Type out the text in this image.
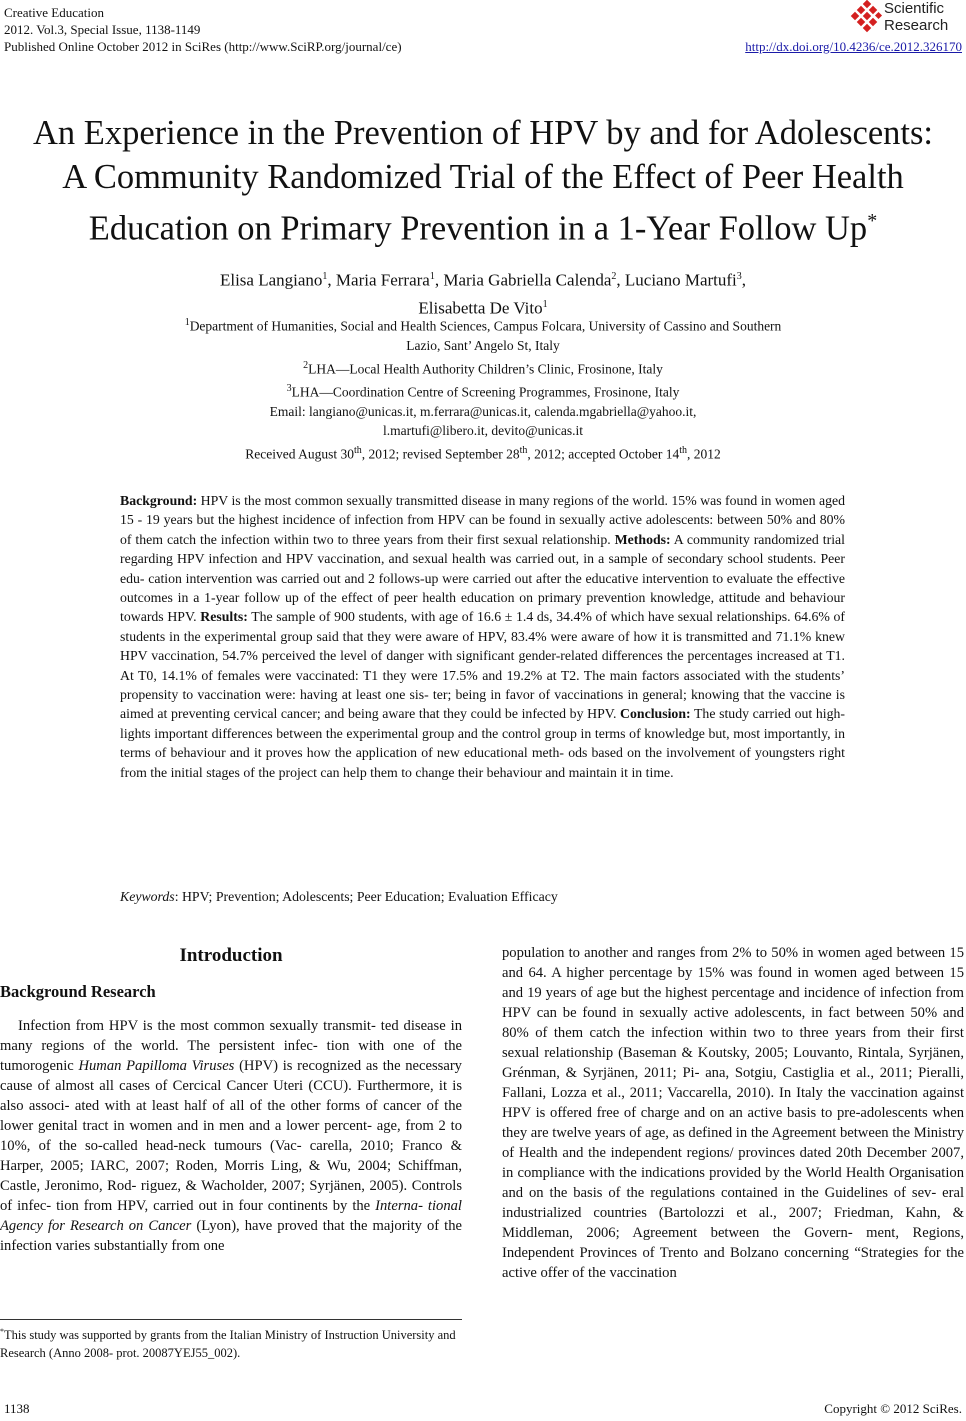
Creative Education
2012. Vol.3, Special Issue, 1138-1149
Published Online October 2012 in SciRes (http://www.SciRP.org/journal/ce)	http://dx.doi.org/10.4236/ce.2012.326170
Scientific
Research
An Experience in the Prevention of HPV by and for Adolescents:
A Community Randomized Trial of the Effect of Peer Health
Education on Primary Prevention in a 1-Year Follow Up*
Elisa Langiano$^1$, Maria Ferrara$^1$, Maria Gabriella Calenda$^2$, Luciano Martufi$^3$,
Elisabetta De Vito$^1$
$^1$Department of Humanities, Social and Health Sciences, Campus Folcara, University of Cassino and Southern
Lazio, Sant’ Angelo St, Italy
$^2$LHA—Local Health Authority Children’s Clinic, Frosinone, Italy
$^3$LHA—Coordination Centre of Screening Programmes, Frosinone, Italy
Email: langiano@unicas.it, m.ferrara@unicas.it, calenda.mgabriella@yahoo.it,
l.martufi@libero.it, devito@unicas.it
Received August 30th, 2012; revised September 28th, 2012; accepted October 14th, 2012
Background: HPV is the most common sexually transmitted disease in many regions of the world. 15% was found in women aged 15 - 19 years but the highest incidence of infection from HPV can be found in sexually active adolescents: between 50% and 80% of them catch the infection within two to three years from their first sexual relationship. Methods: A community randomized trial regarding HPV infection and HPV vaccination, and sexual health was carried out, in a sample of secondary school students. Peer edu- cation intervention was carried out and 2 follows-up were carried out after the educative intervention to evaluate the effective outcomes in a 1-year follow up of the effect of peer health education on primary prevention knowledge, attitude and behaviour towards HPV. Results: The sample of 900 students, with age of 16.6 ± 1.4 ds, 34.4% of which have sexual relationships. 64.6% of students in the experimental group said that they were aware of HPV, 83.4% were aware of how it is transmitted and 71.1% knew HPV vaccination, 54.7% perceived the level of danger with significant gender-related differences the percentages increased at T1. At T0, 14.1% of females were vaccinated: T1 they were 17.5% and 19.2% at T2. The main factors associated with the students’ propensity to vaccination were: having at least one sis- ter; being in favor of vaccinations in general; knowing that the vaccine is aimed at preventing cervical cancer; and being aware that they could be infected by HPV. Conclusion: The study carried out high- lights important differences between the experimental group and the control group in terms of knowledge but, most importantly, in terms of behaviour and it proves how the application of new educational meth- ods based on the involvement of youngsters right from the initial stages of the project can help them to change their behaviour and maintain it in time.
Keywords: HPV; Prevention; Adolescents; Peer Education; Evaluation Efficacy
Introduction
Background Research
Infection from HPV is the most common sexually transmit- ted disease in many regions of the world. The persistent infec- tion with one of the tumorogenic Human Papilloma Viruses (HPV) is recognized as the necessary cause of almost all cases of Cercical Cancer Uteri (CCU). Furthermore, it is also associ- ated with at least half of all of the other forms of cancer of the lower genital tract in women and in men and a lower percent- age, from 2 to 10%, of the so-called head-neck tumours (Vac- carella, 2010; Franco & Harper, 2005; IARC, 2007; Roden, Morris Ling, & Wu, 2004; Schiffman, Castle, Jeronimo, Rod- riguez, & Wacholder, 2007; Syrjänen, 2005). Controls of infec- tion from HPV, carried out in four continents by the Interna- tional Agency for Research on Cancer (Lyon), have proved that the majority of the infection varies substantially from one
population to another and ranges from 2% to 50% in women aged between 15 and 64. A higher percentage by 15% was found in women aged between 15 and 19 years of age but the highest percentage and incidence of infection from HPV can be found in sexually active adolescents, in fact between 50% and 80% of them catch the infection within two to three years from their first sexual relationship (Baseman & Koutsky, 2005; Louvanto, Rintala, Syrjänen, Grénman, & Syrjänen, 2011; Pi- ana, Sotgiu, Castiglia et al., 2011; Pieralli, Fallani, Lozza et al., 2011; Vaccarella, 2010). In Italy the vaccination against HPV is offered free of charge and on an active basis to pre-adolescents when they are twelve years of age, as defined in the Agreement between the Ministry of Health and the independent regions/ provinces dated 20th December 2007, in compliance with the indications provided by the World Health Organisation and on the basis of the regulations contained in the Guidelines of sev- eral industrialized countries (Bartolozzi et al., 2007; Friedman, Kahn, & Middleman, 2006; Agreement between the Govern- ment, Regions, Independent Provinces of Trento and Bolzano concerning “Strategies for the active offer of the vaccination
*This study was supported by grants from the Italian Ministry of Instruction University and Research (Anno 2008- prot. 20087YEJ55_002).
1138	Copyright © 2012 SciRes.
